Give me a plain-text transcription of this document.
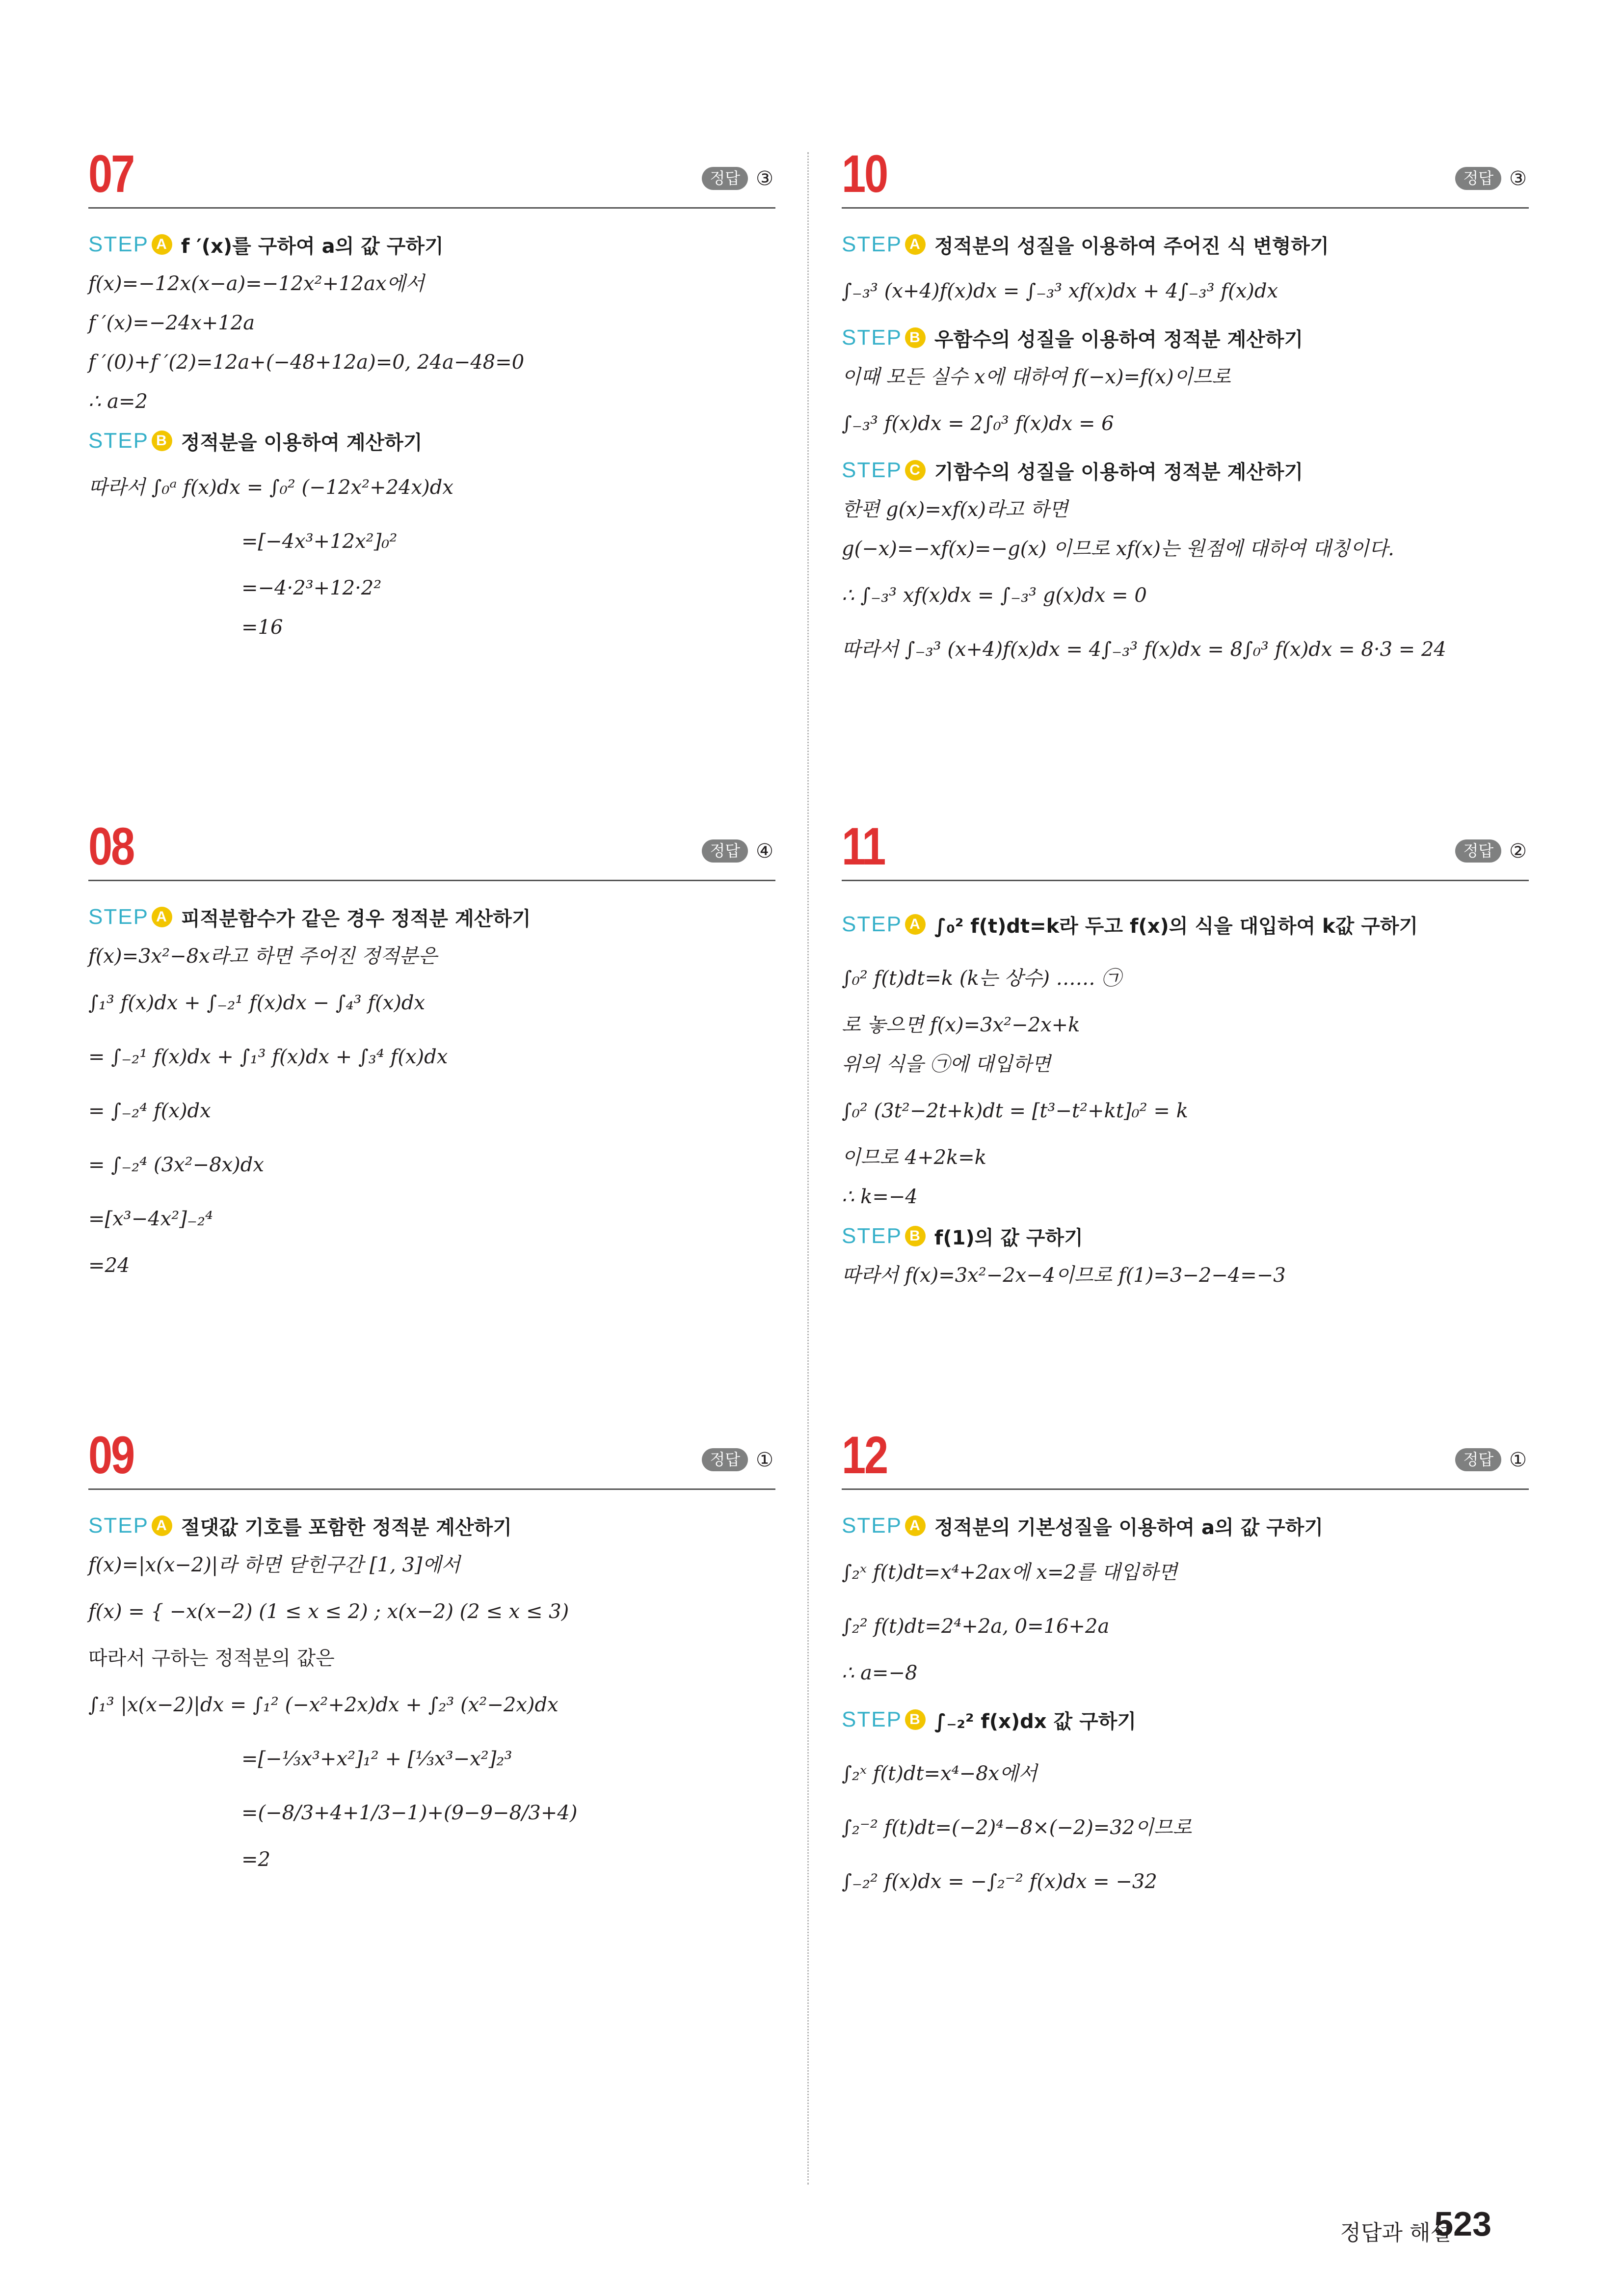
07	정답 ③
STEP A f ′(x)를 구하여 a의 값 구하기
f(x)=−12x(x−a)=−12x²+12ax에서
f ′(x)=−24x+12a
f ′(0)+f ′(2)=12a+(−48+12a)=0, 24a−48=0
∴ a=2
STEP B 정적분을 이용하여 계산하기
따라서 ∫₀ᵃ f(x)dx = ∫₀² (−12x²+24x)dx
=[−4x³+12x²]₀²
=−4·2³+12·2²
=16
10	정답 ③
STEP A 정적분의 성질을 이용하여 주어진 식 변형하기
∫₋₃³ (x+4)f(x)dx = ∫₋₃³ xf(x)dx + 4∫₋₃³ f(x)dx
STEP B 우함수의 성질을 이용하여 정적분 계산하기
이때 모든 실수 x에 대하여 f(−x)=f(x)이므로
∫₋₃³ f(x)dx = 2∫₀³ f(x)dx = 6
STEP C 기함수의 성질을 이용하여 정적분 계산하기
한편 g(x)=xf(x)라고 하면
g(−x)=−xf(x)=−g(x) 이므로 xf(x)는 원점에 대하여 대칭이다.
∴ ∫₋₃³ xf(x)dx = ∫₋₃³ g(x)dx = 0
따라서 ∫₋₃³ (x+4)f(x)dx = 4∫₋₃³ f(x)dx = 8∫₀³ f(x)dx = 8·3 = 24
08	정답 ④
STEP A 피적분함수가 같은 경우 정적분 계산하기
f(x)=3x²−8x라고 하면 주어진 정적분은
∫₁³ f(x)dx + ∫₋₂¹ f(x)dx − ∫₄³ f(x)dx
= ∫₋₂¹ f(x)dx + ∫₁³ f(x)dx + ∫₃⁴ f(x)dx
= ∫₋₂⁴ f(x)dx
= ∫₋₂⁴ (3x²−8x)dx
=[x³−4x²]₋₂⁴
=24
11	정답 ②
STEP A ∫₀² f(t)dt=k라 두고 f(x)의 식을 대입하여 k값 구하기
∫₀² f(t)dt=k (k는 상수) …… ㉠
로 놓으면 f(x)=3x²−2x+k
위의 식을 ㉠에 대입하면
∫₀² (3t²−2t+k)dt = [t³−t²+kt]₀² = k
이므로 4+2k=k
∴ k=−4
STEP B f(1)의 값 구하기
따라서 f(x)=3x²−2x−4이므로 f(1)=3−2−4=−3
09	정답 ①
STEP A 절댓값 기호를 포함한 정적분 계산하기
f(x)=|x(x−2)|라 하면 닫힌구간 [1, 3]에서
f(x) = { −x(x−2) (1 ≤ x ≤ 2) ; x(x−2) (2 ≤ x ≤ 3)
따라서 구하는 정적분의 값은
∫₁³ |x(x−2)|dx = ∫₁² (−x²+2x)dx + ∫₂³ (x²−2x)dx
=[−⅓x³+x²]₁² + [⅓x³−x²]₂³
=(−8/3+4+1/3−1)+(9−9−8/3+4)
=2
12	정답 ①
STEP A 정적분의 기본성질을 이용하여 a의 값 구하기
∫₂ˣ f(t)dt=x⁴+2ax에 x=2를 대입하면
∫₂² f(t)dt=2⁴+2a, 0=16+2a
∴ a=−8
STEP B ∫₋₂² f(x)dx 값 구하기
∫₂ˣ f(t)dt=x⁴−8x에서
∫₂⁻² f(t)dt=(−2)⁴−8×(−2)=32이므로
∫₋₂² f(x)dx = −∫₂⁻² f(x)dx = −32
정답과 해설
523
